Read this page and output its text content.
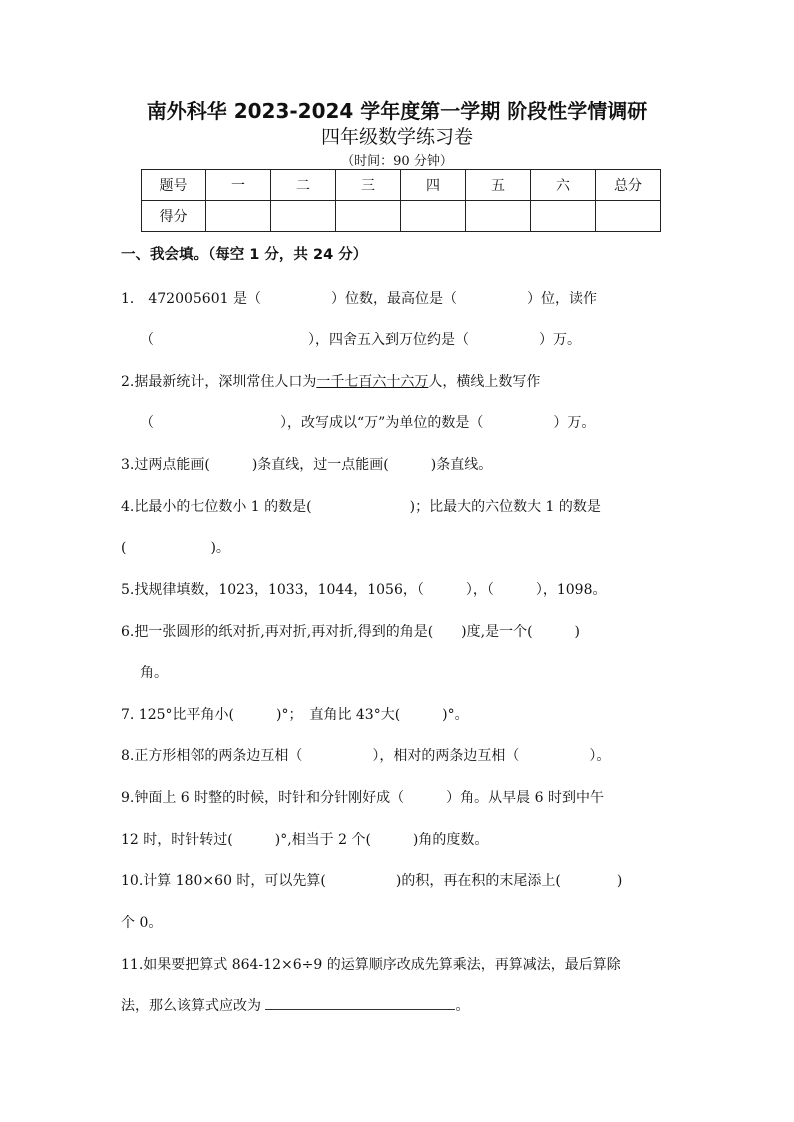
南外科华 2023-2024 学年度第一学期 阶段性学情调研
四年级数学练习卷
（时间：90 分钟）
题号	一	二	三	四	五	六	总分
得分							
一、我会填。（每空 1 分，共 24 分）
1． 472005601 是（　　　　　）位数，最高位是（　　　　　）位，读作
（　　　　　　　　　　　），四舍五入到万位约是（　　　　　）万。
2.据最新统计，深圳常住人口为一千七百六十六万人，横线上数写作
（　　　　　　　　　），改写成以“万”为单位的数是（　　　　　）万。
3.过两点能画(　　　)条直线，过一点能画(　　　)条直线。
4.比最小的七位数小 1 的数是(　　　　　　　)；比最大的六位数大 1 的数是
(　　　　　　)。
5.找规律填数，1023，1033，1044，1056，（　　　），（　　　），1098。
6.把一张圆形的纸对折,再对折,再对折,得到的角是(　　)度,是一个(　　　)
角。
7. 125°比平角小(　　　)°；　直角比 43°大(　　　)°。
8.正方形相邻的两条边互相（　　　　　），相对的两条边互相（　　　　　）。
9.钟面上 6 时整的时候，时针和分针刚好成（　　　）角。从早晨 6 时到中午
12 时，时针转过(　　　)°,相当于 2 个(　　　)角的度数。
10.计算 180×60 时，可以先算(　　　　　)的积，再在积的末尾添上(　　　　)
个 0。
11.如果要把算式 864-12×6÷9 的运算顺序改成先算乘法，再算减法，最后算除
法，那么该算式应改为	。
